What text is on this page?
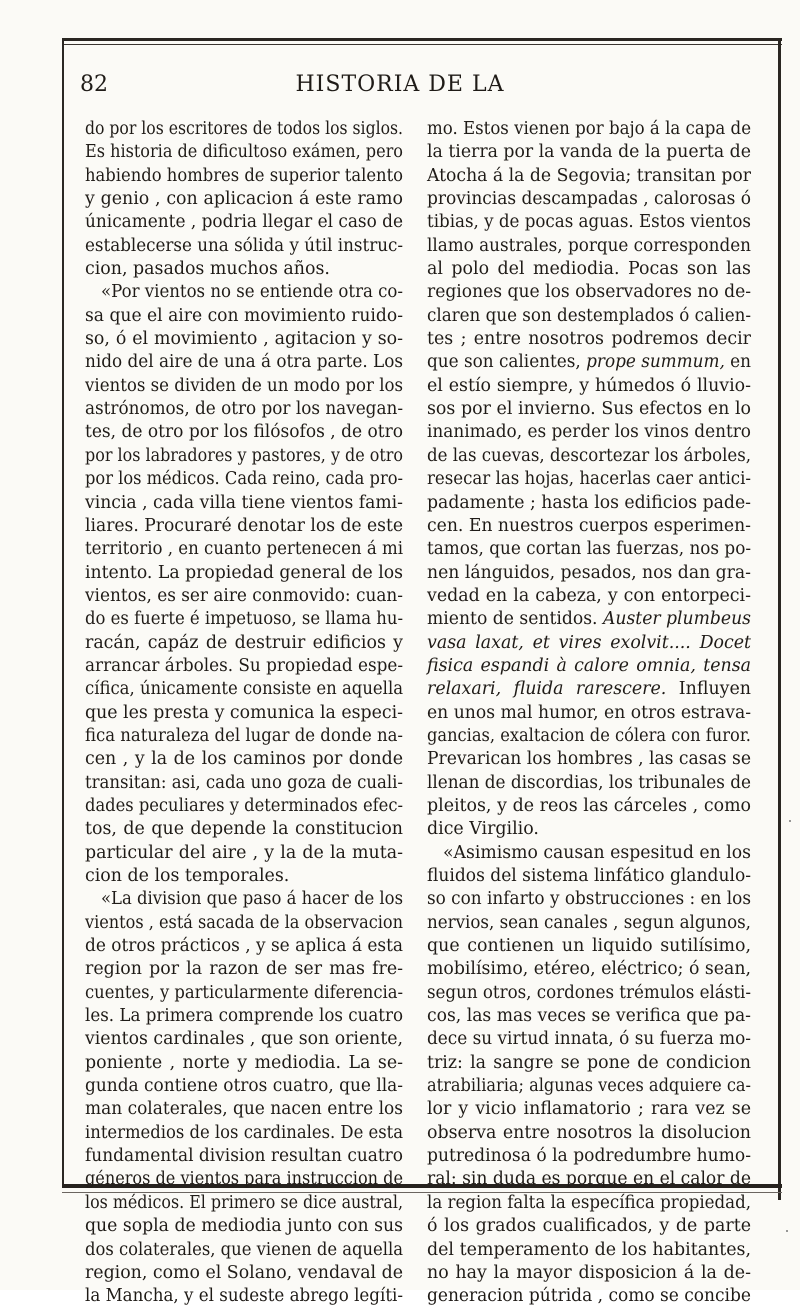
82	HISTORIA DE LA
do por los escritores de todos los siglos.
Es historia de dificultoso exámen, pero
habiendo hombres de superior talento
y genio , con aplicacion á este ramo
únicamente , podria llegar el caso de
establecerse una sólida y útil instruc-
cion, pasados muchos años.
«Por vientos no se entiende otra co-
sa que el aire con movimiento ruido-
so, ó el movimiento , agitacion y so-
nido del aire de una á otra parte. Los
vientos se dividen de un modo por los
astrónomos, de otro por los navegan-
tes, de otro por los filósofos , de otro
por los labradores y pastores, y de otro
por los médicos. Cada reino, cada pro-
vincia , cada villa tiene vientos fami-
liares. Procuraré denotar los de este
territorio , en cuanto pertenecen á mi
intento. La propiedad general de los
vientos, es ser aire conmovido: cuan-
do es fuerte é impetuoso, se llama hu-
racán, capáz de destruir edificios y
arrancar árboles. Su propiedad espe-
cífica, únicamente consiste en aquella
que les presta y comunica la especi-
fica naturaleza del lugar de donde na-
cen , y la de los caminos por donde
transitan: asi, cada uno goza de cuali-
dades peculiares y determinados efec-
tos, de que depende la constitucion
particular del aire , y la de la muta-
cion de los temporales.
«La division que paso á hacer de los
vientos , está sacada de la observacion
de otros prácticos , y se aplica á esta
region por la razon de ser mas fre-
cuentes, y particularmente diferencia-
les. La primera comprende los cuatro
vientos cardinales , que son oriente,
poniente , norte y mediodia. La se-
gunda contiene otros cuatro, que lla-
man colaterales, que nacen entre los
intermedios de los cardinales. De esta
fundamental division resultan cuatro
géneros de vientos para instruccion de
los médicos. El primero se dice austral,
que sopla de mediodia junto con sus
dos colaterales, que vienen de aquella
region, como el Solano, vendaval de
la Mancha, y el sudeste abrego legíti-
mo. Estos vienen por bajo á la capa de
la tierra por la vanda de la puerta de
Atocha á la de Segovia; transitan por
provincias descampadas , calorosas ó
tibias, y de pocas aguas. Estos vientos
llamo australes, porque corresponden
al polo del mediodia. Pocas son las
regiones que los observadores no de-
claren que son destemplados ó calien-
tes ; entre nosotros podremos decir
que son calientes, prope summum, en
el estío siempre, y húmedos ó lluvio-
sos por el invierno. Sus efectos en lo
inanimado, es perder los vinos dentro
de las cuevas, descortezar los árboles,
resecar las hojas, hacerlas caer antici-
padamente ; hasta los edificios pade-
cen. En nuestros cuerpos esperimen-
tamos, que cortan las fuerzas, nos po-
nen lánguidos, pesados, nos dan gra-
vedad en la cabeza, y con entorpeci-
miento de sentidos. Auster plumbeus
vasa laxat, et vires exolvit.... Docet
fisica espandi à calore omnia, tensa
relaxari, fluida rarescere. Influyen
en unos mal humor, en otros estrava-
gancias, exaltacion de cólera con furor.
Prevarican los hombres , las casas se
llenan de discordias, los tribunales de
pleitos, y de reos las cárceles , como
dice Virgilio.
«Asimismo causan espesitud en los
fluidos del sistema linfático glandulo-
so con infarto y obstrucciones : en los
nervios, sean canales , segun algunos,
que contienen un liquido sutilísimo,
mobilísimo, etéreo, eléctrico; ó sean,
segun otros, cordones trémulos elásti-
cos, las mas veces se verifica que pa-
dece su virtud innata, ó su fuerza mo-
triz: la sangre se pone de condicion
atrabiliaria; algunas veces adquiere ca-
lor y vicio inflamatorio ; rara vez se
observa entre nosotros la disolucion
putredinosa ó la podredumbre humo-
ral: sin duda es porque en el calor de
la region falta la específica propiedad,
ó los grados cualificados, y de parte
del temperamento de los habitantes,
no hay la mayor disposicion á la de-
generacion pútrida , como se concibe
